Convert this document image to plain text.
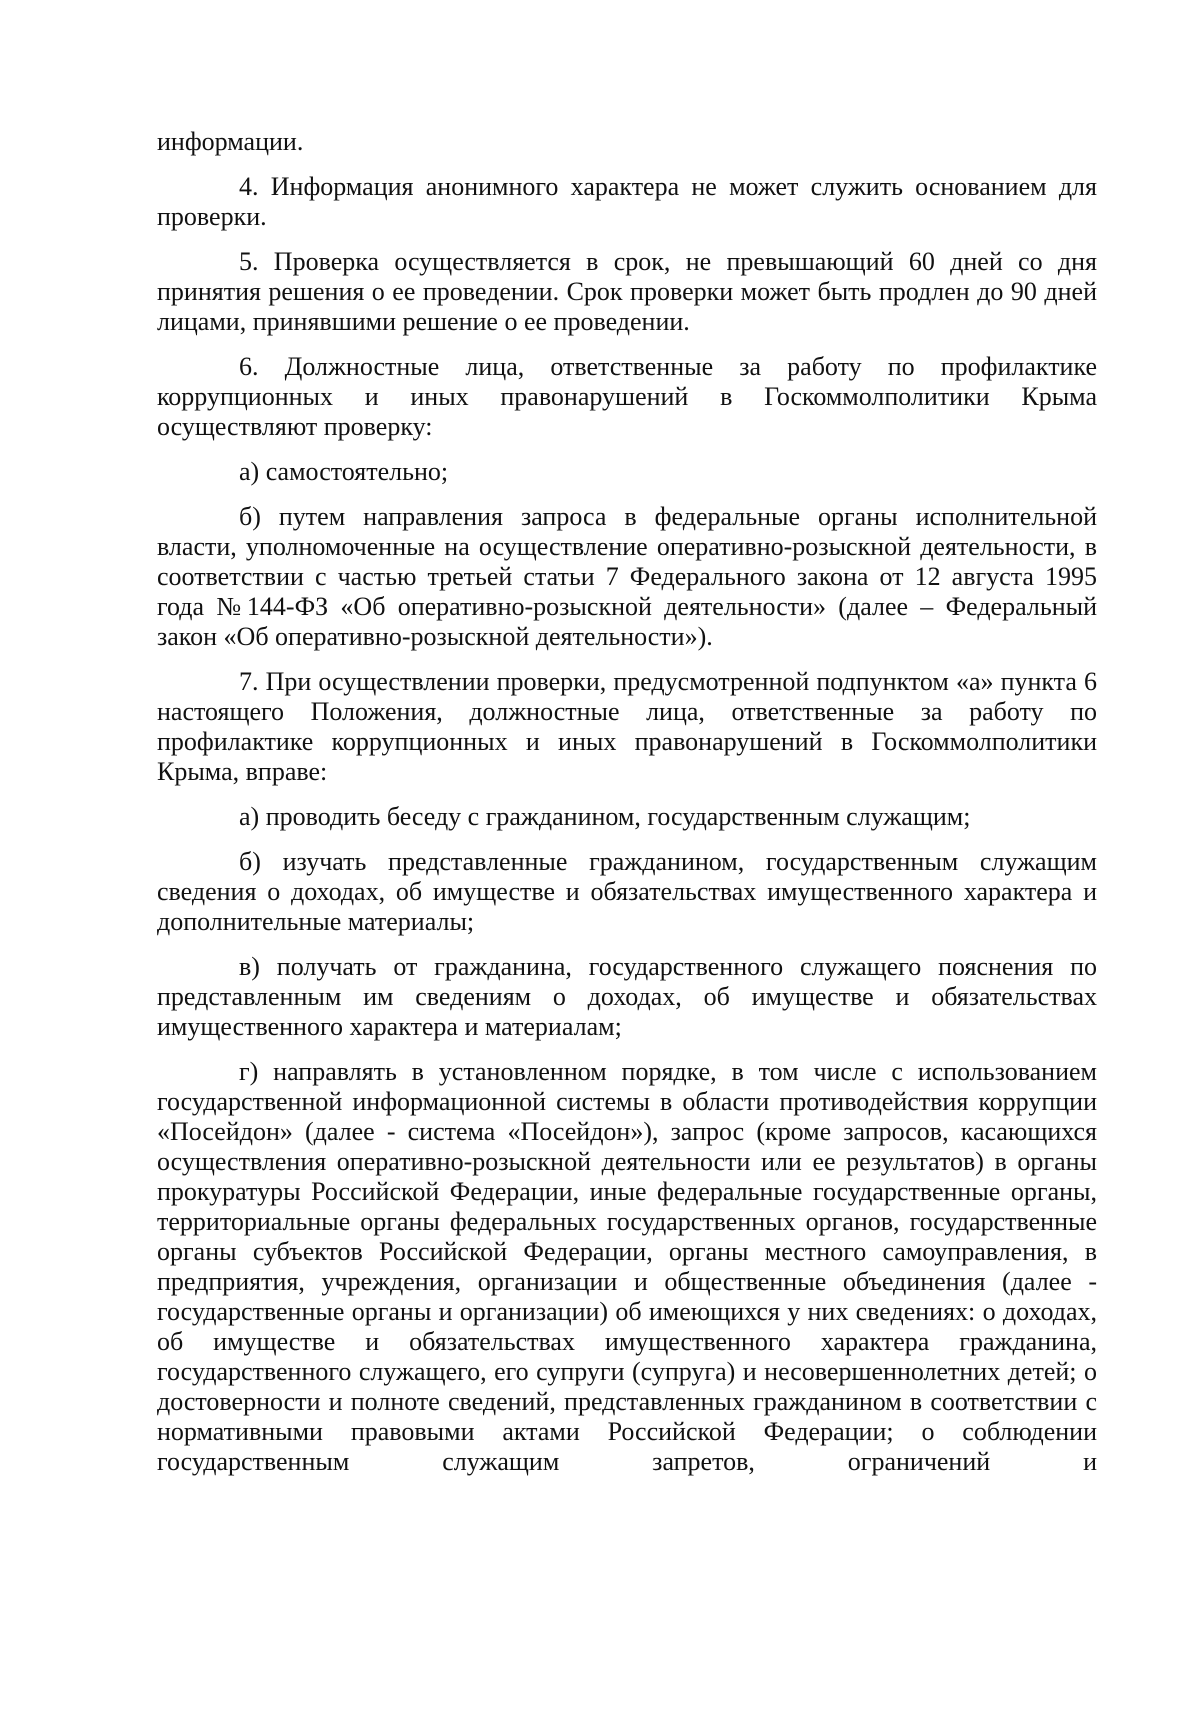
информации.

4. Информация анонимного характера не может служить основанием для проверки.

5. Проверка осуществляется в срок, не превышающий 60 дней со дня принятия решения о ее проведении. Срок проверки может быть продлен до 90 дней лицами, принявшими решение о ее проведении.

6. Должностные лица, ответственные за работу по профилактике коррупционных и иных правонарушений в Госкоммолполитики Крыма осуществляют проверку:

а) самостоятельно;

б) путем направления запроса в федеральные органы исполнительной власти, уполномоченные на осуществление оперативно-розыскной деятельности, в соответствии с частью третьей статьи 7 Федерального закона от 12 августа 1995 года №144-ФЗ «Об оперативно-розыскной деятельности» (далее – Федеральный закон «Об оперативно-розыскной деятельности»).

7. При осуществлении проверки, предусмотренной подпунктом «а» пункта 6 настоящего Положения, должностные лица, ответственные за работу по профилактике коррупционных и иных правонарушений в Госкоммолполитики Крыма, вправе:

а) проводить беседу с гражданином, государственным служащим;

б) изучать представленные гражданином, государственным служащим сведения о доходах, об имуществе и обязательствах имущественного характера и дополнительные материалы;

в) получать от гражданина, государственного служащего пояснения по представленным им сведениям о доходах, об имуществе и обязательствах имущественного характера и материалам;

г) направлять в установленном порядке, в том числе с использованием государственной информационной системы в области противодействия коррупции «Посейдон» (далее - система «Посейдон»), запрос (кроме запросов, касающихся осуществления оперативно-розыскной деятельности или ее результатов) в органы прокуратуры Российской Федерации, иные федеральные государственные органы, территориальные органы федеральных государственных органов, государственные органы субъектов Российской Федерации, органы местного самоуправления, в предприятия, учреждения, организации и общественные объединения (далее - государственные органы и организации) об имеющихся у них сведениях: о доходах, об имуществе и обязательствах имущественного характера гражданина, государственного служащего, его супруги (супруга) и несовершеннолетних детей; о достоверности и полноте сведений, представленных гражданином в соответствии с нормативными правовыми актами Российской Федерации; о соблюдении государственным служащим запретов, ограничений и
